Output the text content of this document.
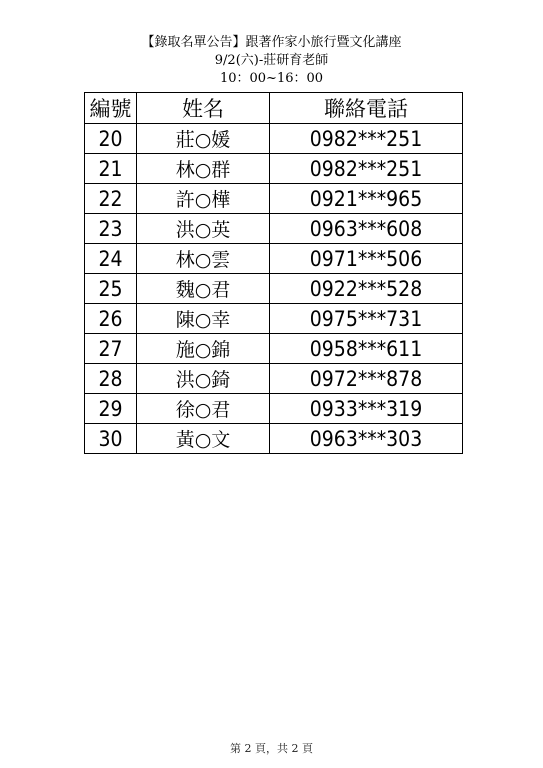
【錄取名單公告】跟著作家小旅行暨文化講座
9/2(六)-莊研育老師
10：00~16：00
編號	姓名	聯絡電話
20	莊○媛	0982***251
21	林○群	0982***251
22	許○樺	0921***965
23	洪○英	0963***608
24	林○雲	0971***506
25	魏○君	0922***528
26	陳○幸	0975***731
27	施○錦	0958***611
28	洪○錡	0972***878
29	徐○君	0933***319
30	黃○文	0963***303
第 2 頁，共 2 頁
